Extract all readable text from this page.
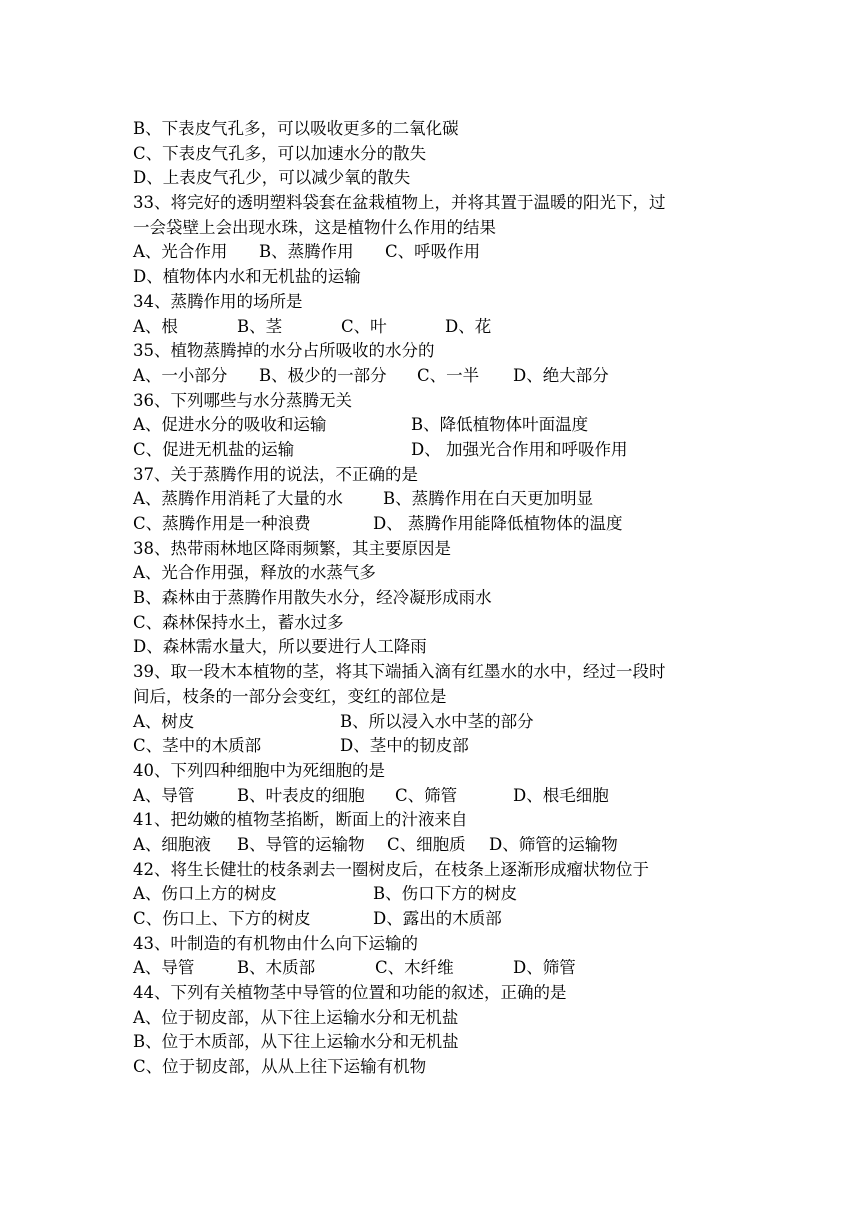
B、下表皮气孔多，可以吸收更多的二氧化碳
C、下表皮气孔多，可以加速水分的散失
D、上表皮气孔少，可以减少氧的散失
33、将完好的透明塑料袋套在盆栽植物上，并将其置于温暖的阳光下，过
一会袋壁上会出现水珠，这是植物什么作用的结果
A、光合作用	B、蒸腾作用	C、呼吸作用
D、植物体内水和无机盐的运输
34、蒸腾作用的场所是
A、根	B、茎	C、叶	D、花
35、植物蒸腾掉的水分占所吸收的水分的
A、一小部分	B、极少的一部分	C、一半	D、绝大部分
36、下列哪些与水分蒸腾无关
A、促进水分的吸收和运输	B、降低植物体叶面温度
C、促进无机盐的运输	D、 加强光合作用和呼吸作用
37、关于蒸腾作用的说法，不正确的是
A、蒸腾作用消耗了大量的水	B、蒸腾作用在白天更加明显
C、蒸腾作用是一种浪费	D、 蒸腾作用能降低植物体的温度
38、热带雨林地区降雨频繁，其主要原因是
A、光合作用强，释放的水蒸气多
B、森林由于蒸腾作用散失水分，经冷凝形成雨水
C、森林保持水土，蓄水过多
D、森林需水量大，所以要进行人工降雨
39、取一段木本植物的茎，将其下端插入滴有红墨水的水中，经过一段时
间后，枝条的一部分会变红，变红的部位是
A、树皮	B、所以浸入水中茎的部分
C、茎中的木质部	D、茎中的韧皮部
40、下列四种细胞中为死细胞的是
A、导管	B、叶表皮的细胞	C、筛管	D、根毛细胞
41、把幼嫩的植物茎掐断，断面上的汁液来自
A、细胞液	B、导管的运输物	C、细胞质	D、筛管的运输物
42、将生长健壮的枝条剥去一圈树皮后，在枝条上逐渐形成瘤状物位于
A、伤口上方的树皮	B、伤口下方的树皮
C、伤口上、下方的树皮	D、露出的木质部
43、叶制造的有机物由什么向下运输的
A、导管	B、木质部	C、木纤维	D、筛管
44、下列有关植物茎中导管的位置和功能的叙述，正确的是
A、位于韧皮部，从下往上运输水分和无机盐
B、位于木质部，从下往上运输水分和无机盐
C、位于韧皮部，从从上往下运输有机物
